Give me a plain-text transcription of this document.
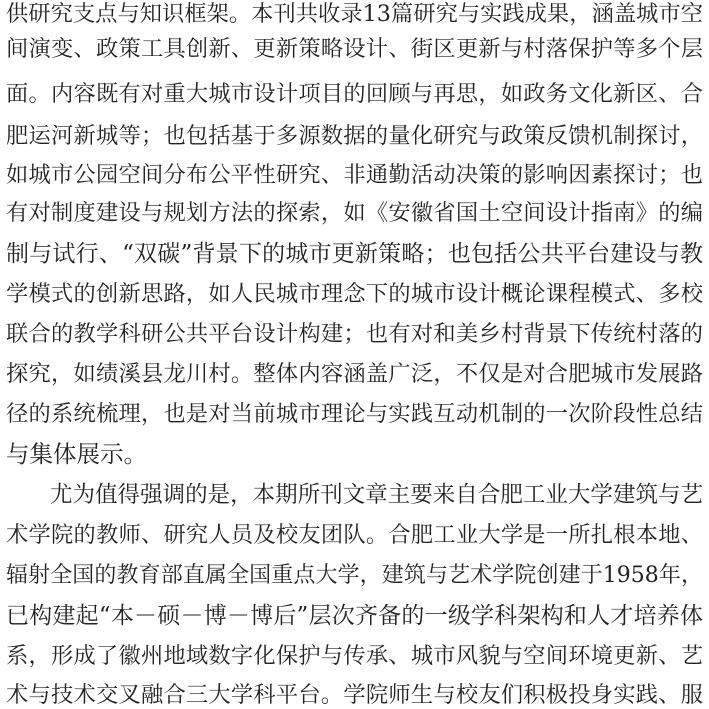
供研究支点与知识框架。本刊共收录13篇研究与实践成果，涵盖城市空
间演变、政策工具创新、更新策略设计、街区更新与村落保护等多个层
面。内容既有对重大城市设计项目的回顾与再思，如政务文化新区、合
肥运河新城等；也包括基于多源数据的量化研究与政策反馈机制探讨，
如城市公园空间分布公平性研究、非通勤活动决策的影响因素探讨；也
有对制度建设与规划方法的探索，如《安徽省国土空间设计指南》的编
制与试行、“双碳”背景下的城市更新策略；也包括公共平台建设与教
学模式的创新思路，如人民城市理念下的城市设计概论课程模式、多校
联合的教学科研公共平台设计构建；也有对和美乡村背景下传统村落的
探究，如绩溪县龙川村。整体内容涵盖广泛，不仅是对合肥城市发展路
径的系统梳理，也是对当前城市理论与实践互动机制的一次阶段性总结
与集体展示。
尤为值得强调的是，本期所刊文章主要来自合肥工业大学建筑与艺
术学院的教师、研究人员及校友团队。合肥工业大学是一所扎根本地、
辐射全国的教育部直属全国重点大学，建筑与艺术学院创建于1958年，
已构建起“本－硕－博－博后”层次齐备的一级学科架构和人才培养体
系，形成了徽州地域数字化保护与传承、城市风貌与空间环境更新、艺
术与技术交叉融合三大学科平台。学院师生与校友们积极投身实践、服
